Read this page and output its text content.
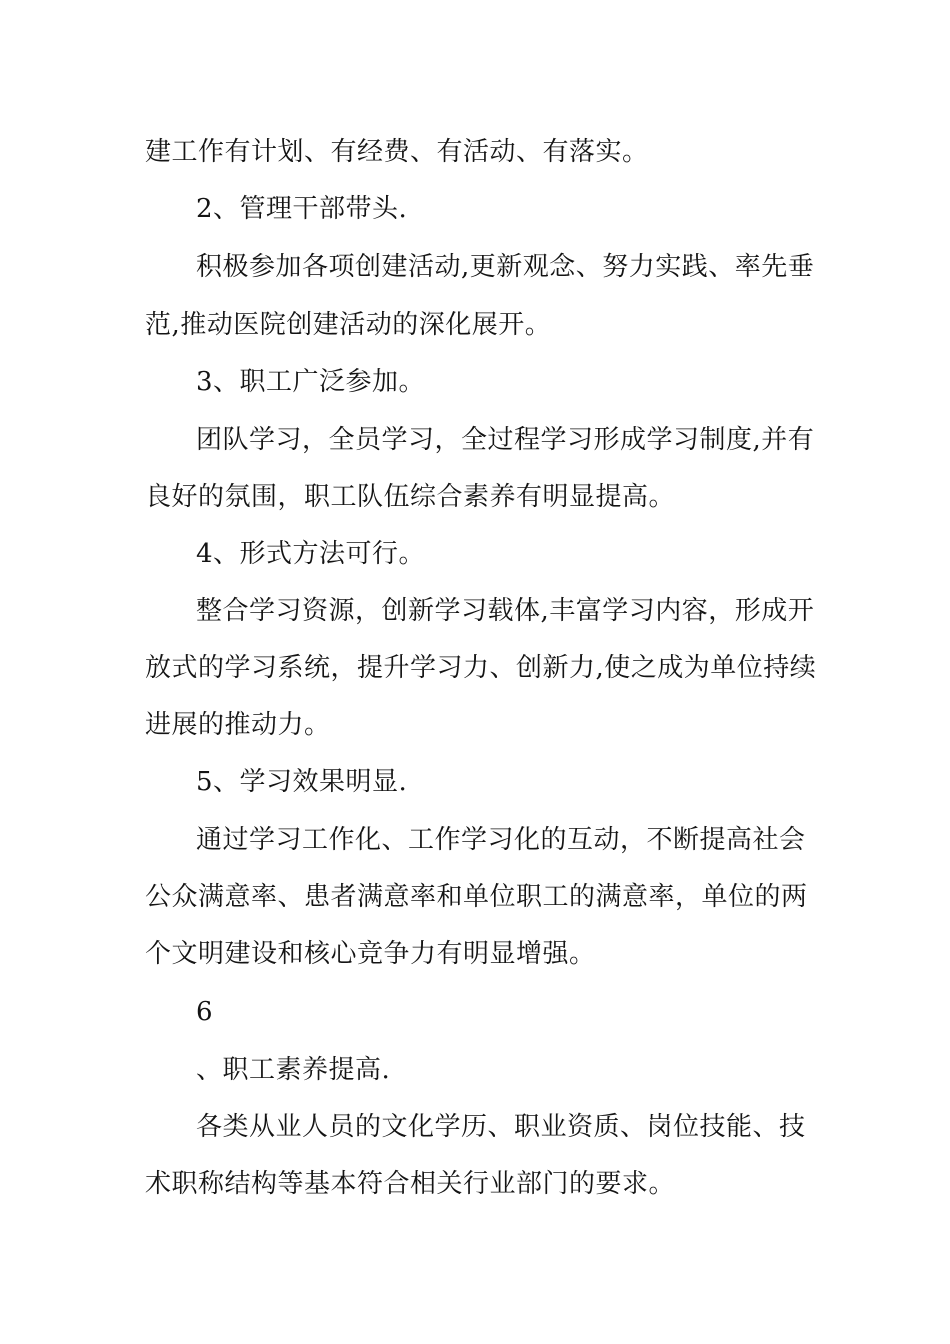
建工作有计划、有经费、有活动、有落实。
2、管理干部带头.
积极参加各项创建活动,更新观念、努力实践、率先垂
范,推动医院创建活动的深化展开。
3、职工广泛参加。
团队学习，全员学习，全过程学习形成学习制度,并有
良好的氛围，职工队伍综合素养有明显提高。
4、形式方法可行。
整合学习资源，创新学习载体,丰富学习内容，形成开
放式的学习系统，提升学习力、创新力,使之成为单位持续
进展的推动力。
5、学习效果明显.
通过学习工作化、工作学习化的互动，不断提高社会
公众满意率、患者满意率和单位职工的满意率，单位的两
个文明建设和核心竞争力有明显增强。
6
、职工素养提高.
各类从业人员的文化学历、职业资质、岗位技能、技
术职称结构等基本符合相关行业部门的要求。
